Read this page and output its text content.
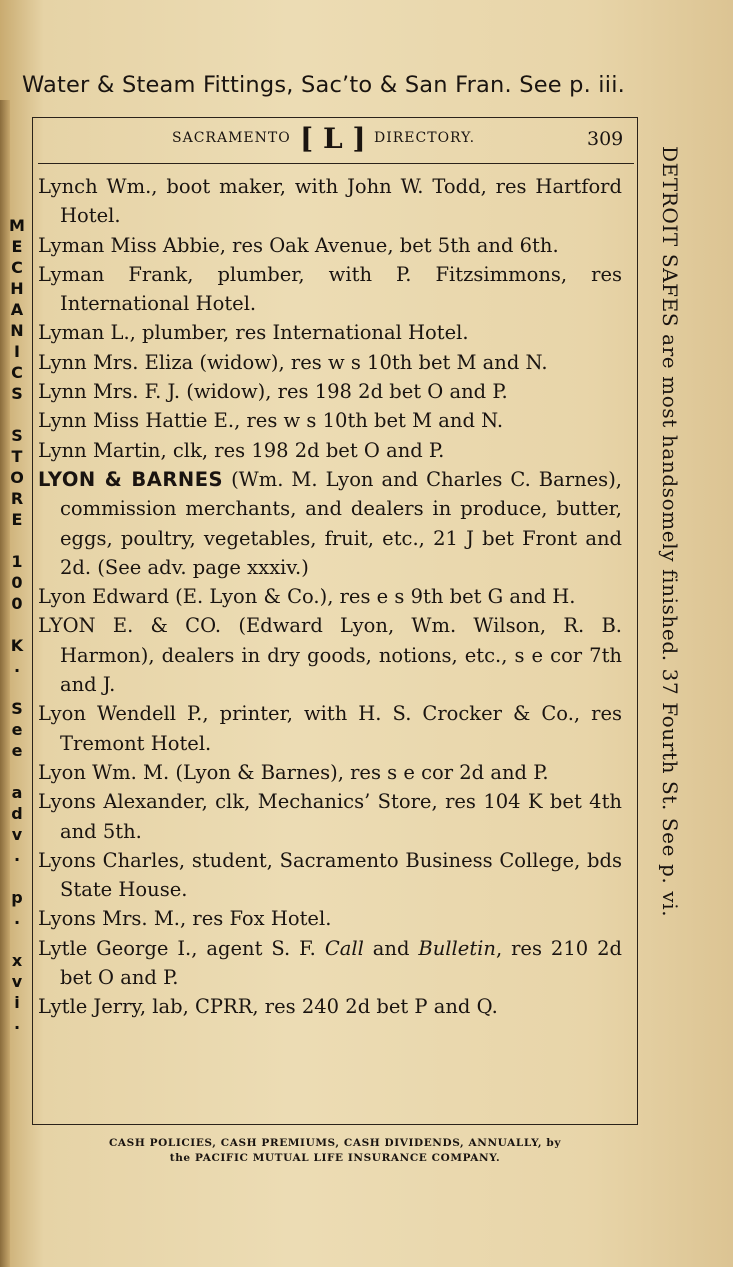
Water & Steam Fittings, Sac’to & San Fran. See p. iii.
SACRAMENTO [ L ] DIRECTORY.	309
Lynch Wm., boot maker, with John W. Todd, res Hartford Hotel.
Lyman Miss Abbie, res Oak Avenue, bet 5th and 6th.
Lyman Frank, plumber, with P. Fitzsimmons, res International Hotel.
Lyman L., plumber, res International Hotel.
Lynn Mrs. Eliza (widow), res w s 10th bet M and N.
Lynn Mrs. F. J. (widow), res 198 2d bet O and P.
Lynn Miss Hattie E., res w s 10th bet M and N.
Lynn Martin, clk, res 198 2d bet O and P.
LYON & BARNES (Wm. M. Lyon and Charles C. Barnes), commission merchants, and dealers in produce, butter, eggs, poultry, vegetables, fruit, etc., 21 J bet Front and 2d. (See adv. page xxxiv.)
Lyon Edward (E. Lyon & Co.), res e s 9th bet G and H.
LYON E. & CO. (Edward Lyon, Wm. Wilson, R. B. Harmon), dealers in dry goods, notions, etc., s e cor 7th and J.
Lyon Wendell P., printer, with H. S. Crocker & Co., res Tremont Hotel.
Lyon Wm. M. (Lyon & Barnes), res s e cor 2d and P.
Lyons Alexander, clk, Mechanics’ Store, res 104 K bet 4th and 5th.
Lyons Charles, student, Sacramento Business College, bds State House.
Lyons Mrs. M., res Fox Hotel.
Lytle George I., agent S. F. Call and Bulletin, res 210 2d bet O and P.
Lytle Jerry, lab, CPRR, res 240 2d bet P and Q.
M
E
C
H
A
N
I
C
S

S
T
O
R
E

1
0
0

K
.

S
e
e

a
d
v
.

p
.

x
v
i
.
DETROIT SAFES are most handsomely finished. 37 Fourth St. See p. vi.
CASH POLICIES, CASH PREMIUMS, CASH DIVIDENDS, ANNUALLY, by
the PACIFIC MUTUAL LIFE INSURANCE COMPANY.
